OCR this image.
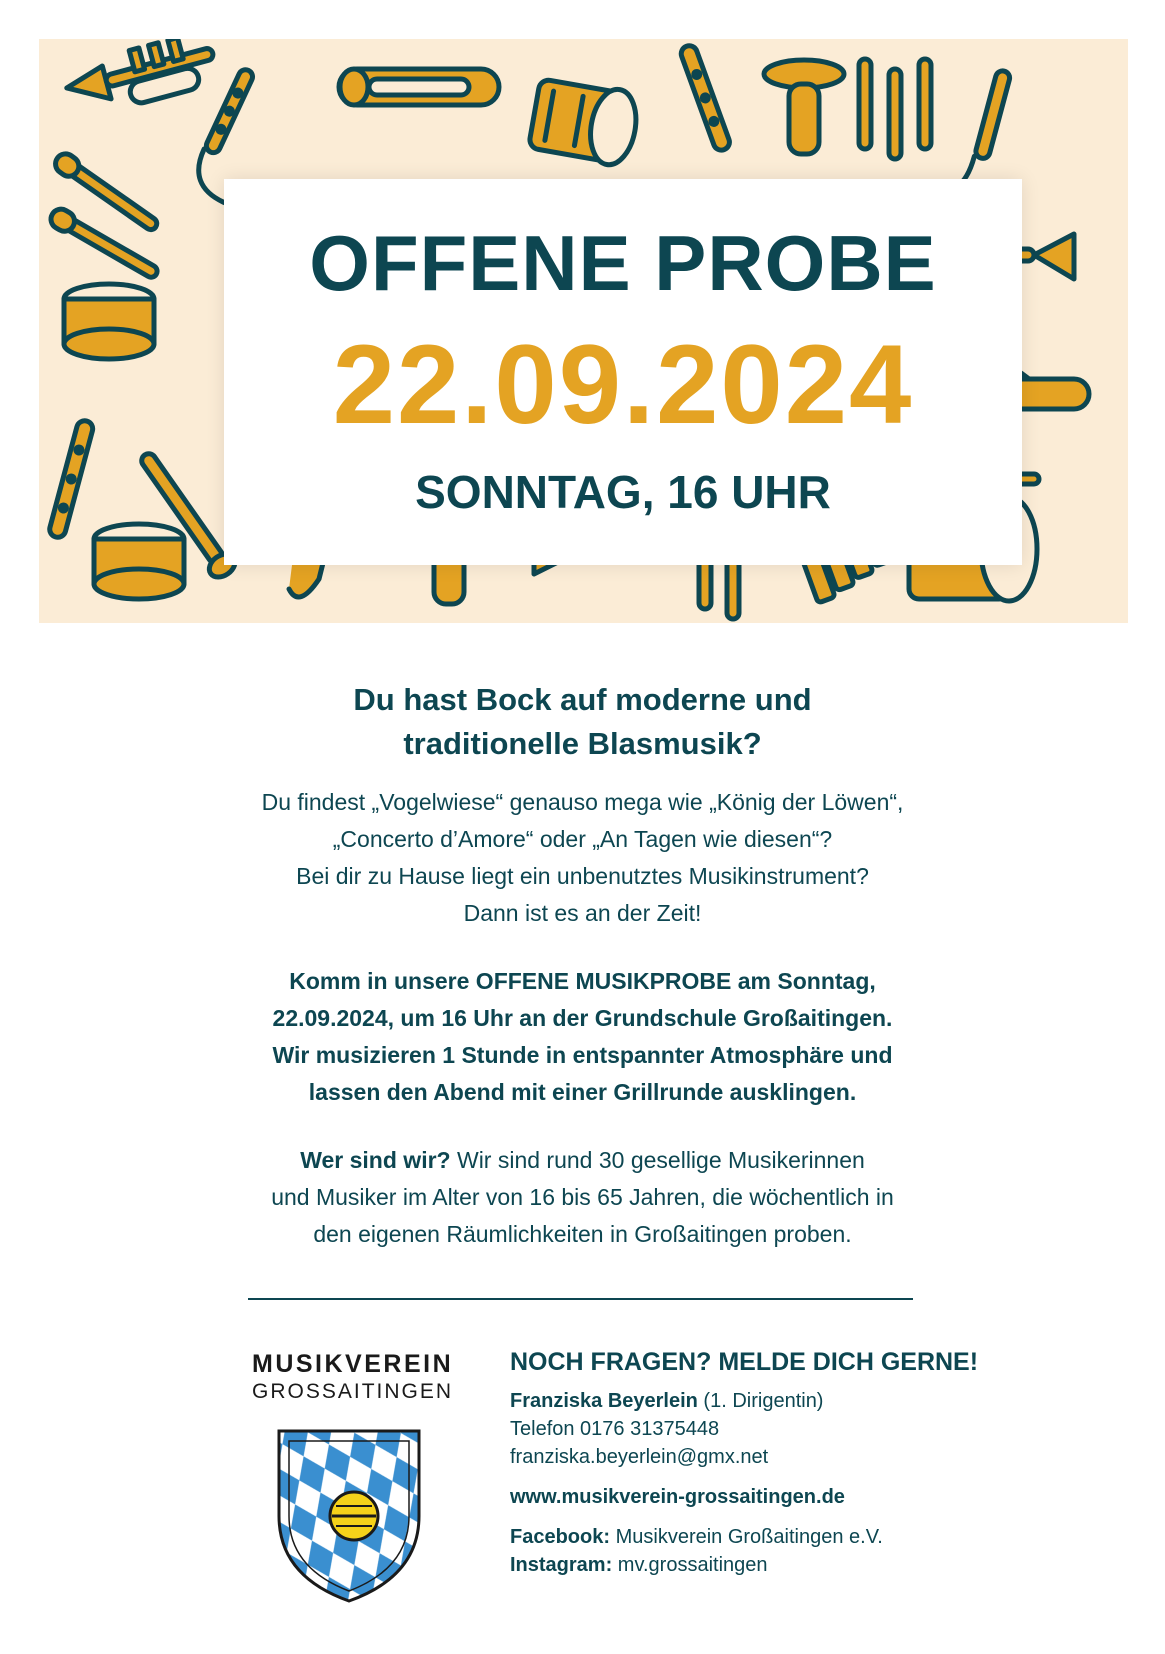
OFFENE PROBE
22.09.2024
SONNTAG, 16 UHR
Du hast Bock auf moderne und
traditionelle Blasmusik?
Du findest „Vogelwiese“ genauso mega wie „König der Löwen“,
„Concerto d’Amore“ oder „An Tagen wie diesen“?
Bei dir zu Hause liegt ein unbenutztes Musikinstrument?
Dann ist es an der Zeit!
Komm in unsere OFFENE MUSIKPROBE am Sonntag,
22.09.2024, um 16 Uhr an der Grundschule Großaitingen.
Wir musizieren 1 Stunde in entspannter Atmosphäre und
lassen den Abend mit einer Grillrunde ausklingen.
Wer sind wir? Wir sind rund 30 gesellige Musikerinnen
und Musiker im Alter von 16 bis 65 Jahren, die wöchentlich in
den eigenen Räumlichkeiten in Großaitingen proben.
MUSIKVEREIN
GROSSAITINGEN
NOCH FRAGEN? MELDE DICH GERNE!
Franziska Beyerlein (1. Dirigentin)
Telefon 0176 31375448
franziska.beyerlein@gmx.net
www.musikverein-grossaitingen.de
Facebook: Musikverein Großaitingen e.V.
Instagram: mv.grossaitingen
